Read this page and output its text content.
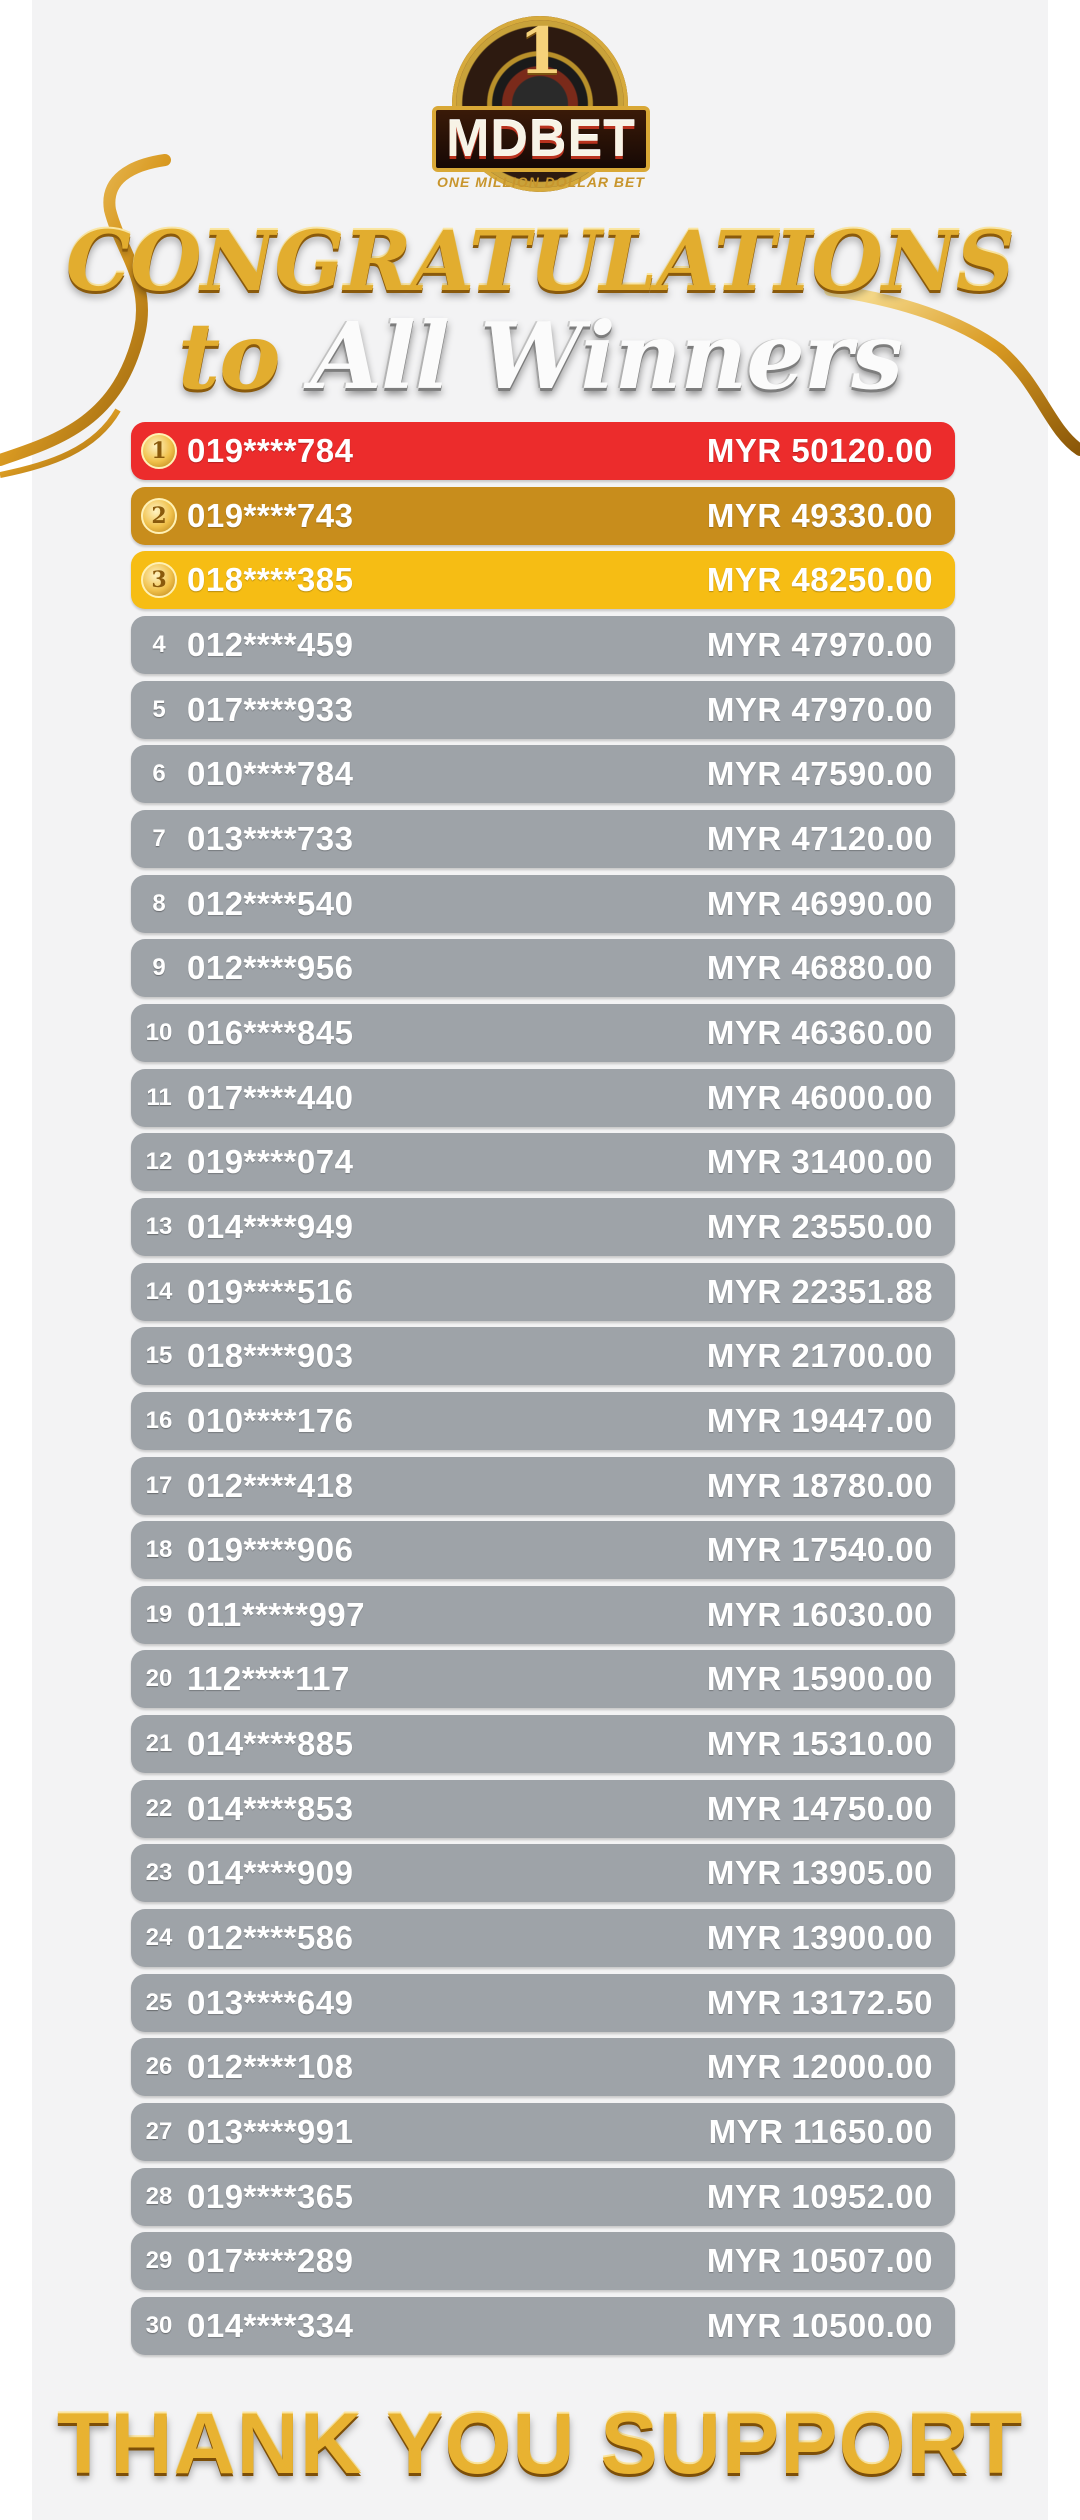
1
MDBET
ONE MILLION DOLLAR BET
CONGRATULATIONS
to All Winners
1 019****784	MYR 50120.00
2 019****743	MYR 49330.00
3 018****385	MYR 48250.00
4 012****459	MYR 47970.00
5 017****933	MYR 47970.00
6 010****784	MYR 47590.00
7 013****733	MYR 47120.00
8 012****540	MYR 46990.00
9 012****956	MYR 46880.00
10 016****845	MYR 46360.00
11 017****440	MYR 46000.00
12 019****074	MYR 31400.00
13 014****949	MYR 23550.00
14 019****516	MYR 22351.88
15 018****903	MYR 21700.00
16 010****176	MYR 19447.00
17 012****418	MYR 18780.00
18 019****906	MYR 17540.00
19 011*****997	MYR 16030.00
20 112****117	MYR 15900.00
21 014****885	MYR 15310.00
22 014****853	MYR 14750.00
23 014****909	MYR 13905.00
24 012****586	MYR 13900.00
25 013****649	MYR 13172.50
26 012****108	MYR 12000.00
27 013****991	MYR 11650.00
28 019****365	MYR 10952.00
29 017****289	MYR 10507.00
30 014****334	MYR 10500.00
THANK YOU SUPPORT
